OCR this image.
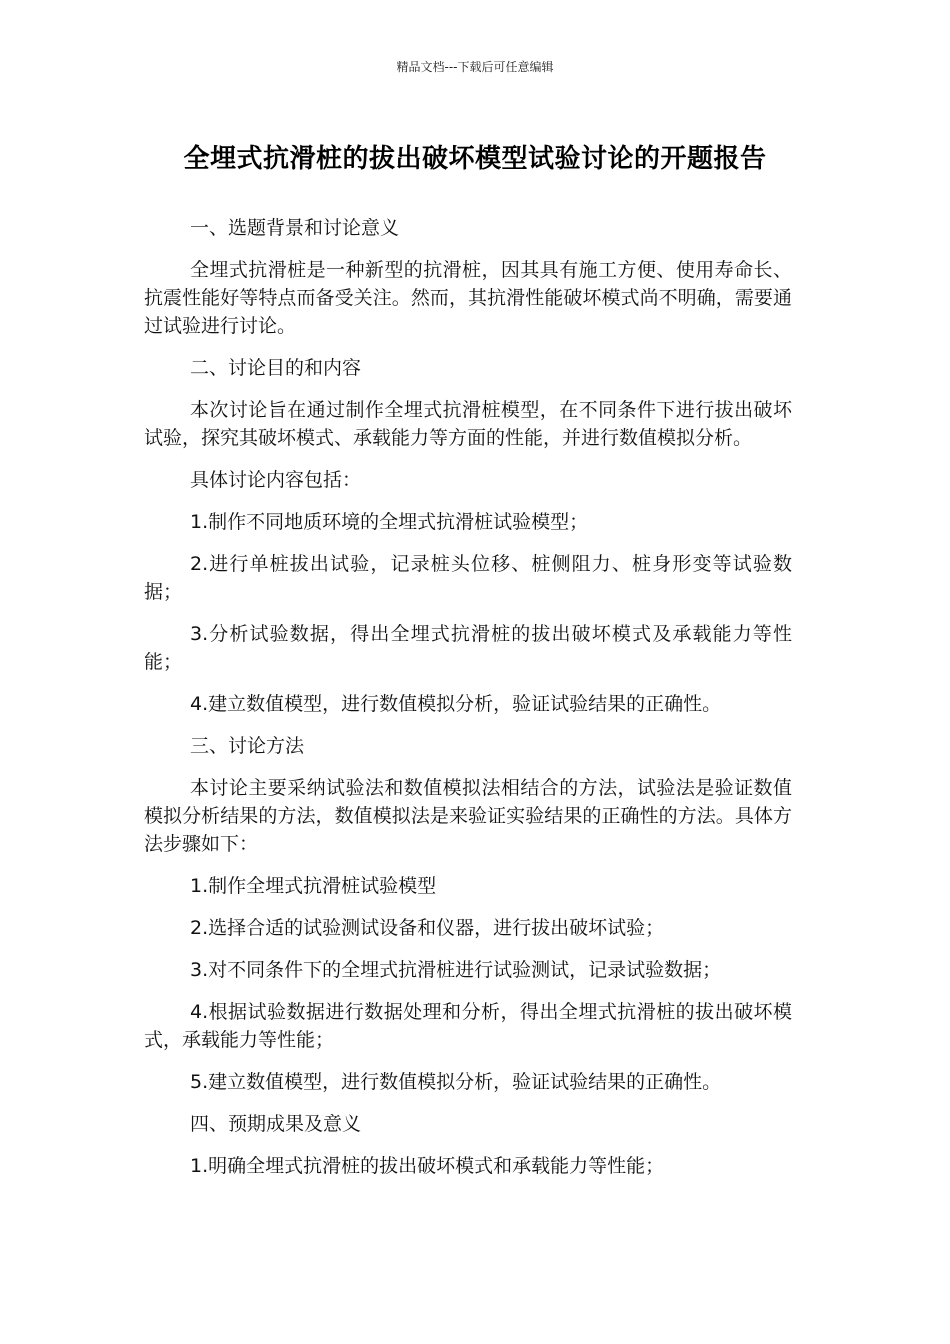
精品文档---下载后可任意编辑
全埋式抗滑桩的拔出破坏模型试验讨论的开题报告
一、选题背景和讨论意义
全埋式抗滑桩是一种新型的抗滑桩，因其具有施工方便、使用寿命长、抗震性能好等特点而备受关注。然而，其抗滑性能破坏模式尚不明确，需要通过试验进行讨论。
二、讨论目的和内容
本次讨论旨在通过制作全埋式抗滑桩模型，在不同条件下进行拔出破坏试验，探究其破坏模式、承载能力等方面的性能，并进行数值模拟分析。
具体讨论内容包括：
1.制作不同地质环境的全埋式抗滑桩试验模型；
2.进行单桩拔出试验，记录桩头位移、桩侧阻力、桩身形变等试验数据；
3.分析试验数据，得出全埋式抗滑桩的拔出破坏模式及承载能力等性能；
4.建立数值模型，进行数值模拟分析，验证试验结果的正确性。
三、讨论方法
本讨论主要采纳试验法和数值模拟法相结合的方法，试验法是验证数值模拟分析结果的方法，数值模拟法是来验证实验结果的正确性的方法。具体方法步骤如下：
1.制作全埋式抗滑桩试验模型
2.选择合适的试验测试设备和仪器，进行拔出破坏试验；
3.对不同条件下的全埋式抗滑桩进行试验测试，记录试验数据；
4.根据试验数据进行数据处理和分析，得出全埋式抗滑桩的拔出破坏模式，承载能力等性能；
5.建立数值模型，进行数值模拟分析，验证试验结果的正确性。
四、预期成果及意义
1.明确全埋式抗滑桩的拔出破坏模式和承载能力等性能；
